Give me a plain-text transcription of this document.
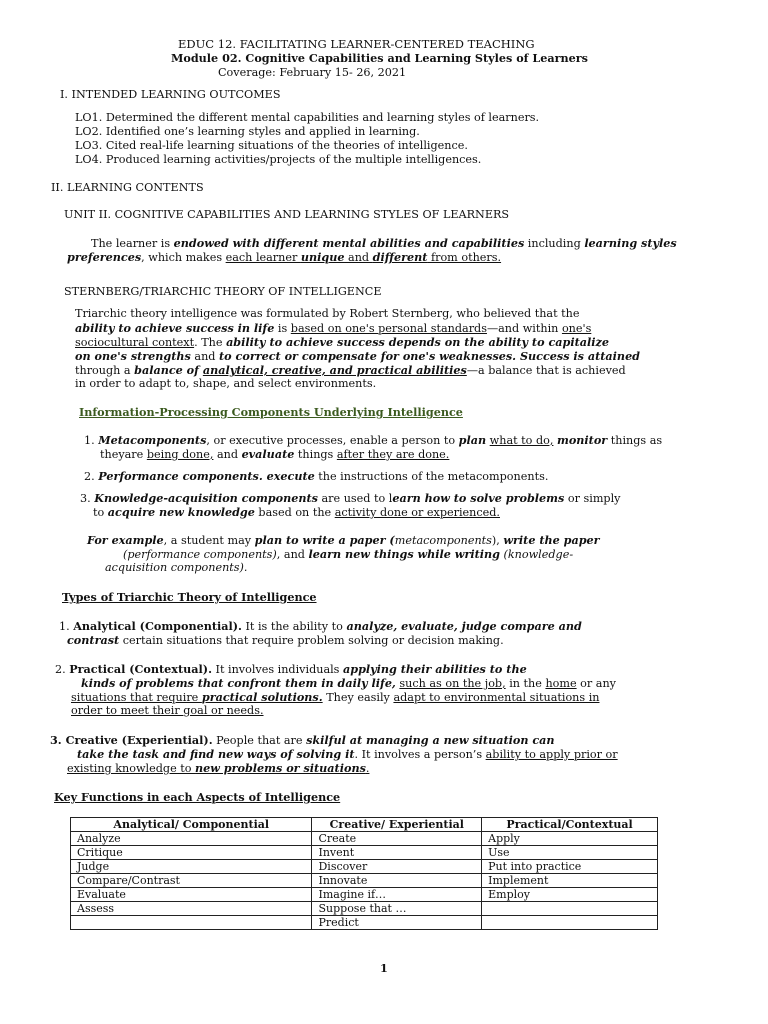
EDUC 12. FACILITATING LEARNER-CENTERED TEACHING
Module 02. Cognitive Capabilities and Learning Styles of Learners
Coverage: February 15- 26, 2021
I. INTENDED LEARNING OUTCOMES
LO1. Determined the different mental capabilities and learning styles of learners.
LO2. Identified one’s learning styles and applied in learning.
LO3. Cited real-life learning situations of the theories of intelligence.
LO4. Produced learning activities/projects of the multiple intelligences.
II. LEARNING CONTENTS
UNIT II. COGNITIVE CAPABILITIES AND LEARNING STYLES OF LEARNERS
The learner is endowed with different mental abilities and capabilities including learning styles
preferences, which makes each learner unique and different from others.
STERNBERG/TRIARCHIC THEORY OF INTELLIGENCE
Triarchic theory intelligence was formulated by Robert Sternberg, who believed that the
ability to achieve success in life is based on one's personal standards—and within one's
sociocultural context. The ability to achieve success depends on the ability to capitalize
on one's strengths and to correct or compensate for one's weaknesses. Success is attained
through a balance of analytical, creative, and practical abilities—a balance that is achieved
in order to adapt to, shape, and select environments.
Information-Processing Components Underlying Intelligence
1. Metacomponents, or executive processes, enable a person to plan what to do, monitor things as
theyare being done, and evaluate things after they are done.
2. Performance components. execute the instructions of the metacomponents.
3. Knowledge-acquisition components are used to learn how to solve problems or simply
to acquire new knowledge based on the activity done or experienced.
For example, a student may plan to write a paper (metacomponents), write the paper
(performance components), and learn new things while writing (knowledge-
acquisition components).
Types of Triarchic Theory of Intelligence
1. Analytical (Componential). It is the ability to analyze, evaluate, judge compare and
contrast certain situations that require problem solving or decision making.
2. Practical (Contextual). It involves individuals applying their abilities to the
kinds of problems that confront them in daily life, such as on the job, in the home or any
situations that require practical solutions. They easily adapt to environmental situations in
order to meet their goal or needs.
3. Creative (Experiential). People that are skilful at managing a new situation can
take the task and find new ways of solving it. It involves a person’s ability to apply prior or
existing knowledge to new problems or situations.
Key Functions in each Aspects of Intelligence
Analytical/ Componential	Creative/ Experiential	Practical/Contextual
Analyze	Create	Apply
Critique	Invent	Use
Judge	Discover	Put into practice
Compare/Contrast	Innovate	Implement
Evaluate	Imagine if…	Employ
Assess	Suppose that …	
	Predict	
1
